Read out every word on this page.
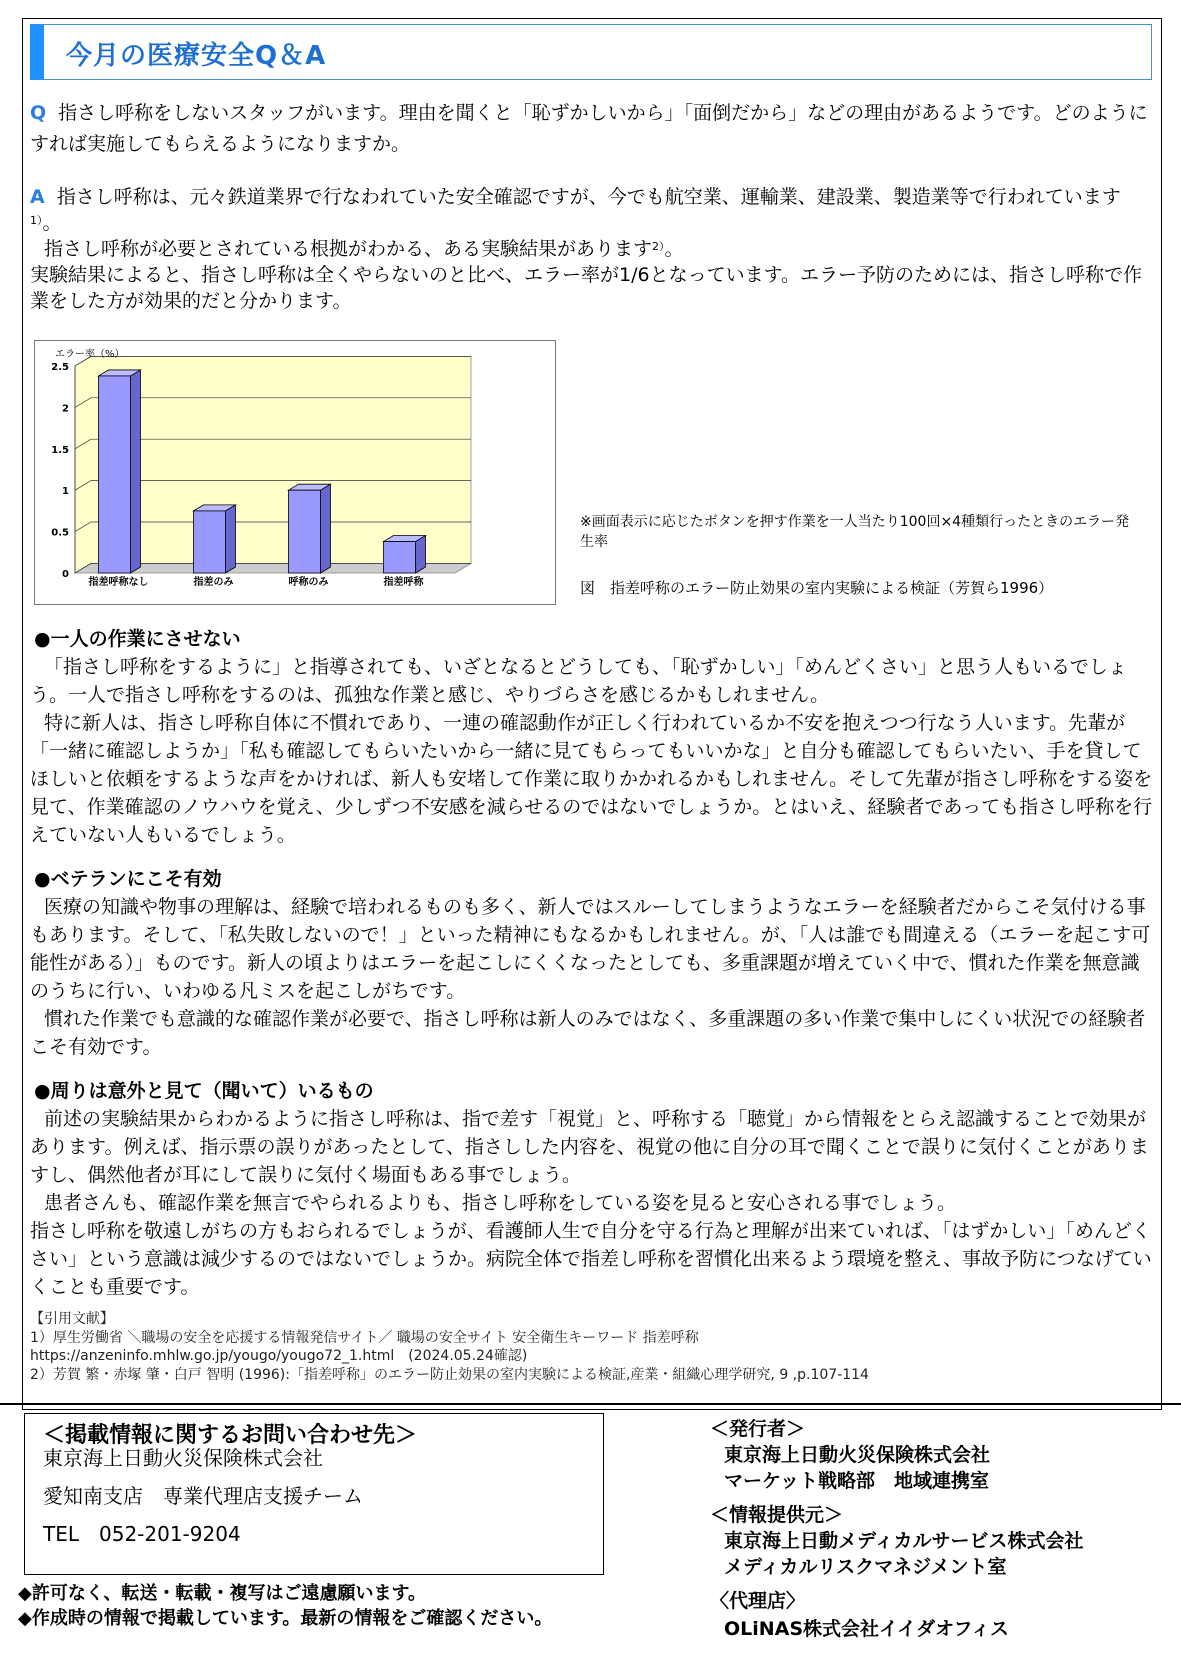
今月の医療安全Q＆A
Q 指さし呼称をしないスタッフがいます。理由を聞くと「恥ずかしいから」「面倒だから」などの理由があるようです。どのようにすれば実施してもらえるようになりますか。
A 指さし呼称は、元々鉄道業界で行なわれていた安全確認ですが、今でも航空業、運輸業、建設業、製造業等で行われています$^{1)}$。
指さし呼称が必要とされている根拠がわかる、ある実験結果があります$^{2)}$。
実験結果によると、指さし呼称は全くやらないのと比べ、エラー率が1/6となっています。エラー予防のためには、指さし呼称で作業をした方が効果的だと分かります。
0
0.5
1
1.5
2
2.5
エラー率（%）
指差呼称なし	指差のみ	呼称のみ	指差呼称
※画面表示に応じたボタンを押す作業を一人当たり100回×4種類行ったときのエラー発生率
図　指差呼称のエラー防止効果の室内実験による検証（芳賀ら1996）
●一人の作業にさせない
「指さし呼称をするように」と指導されても、いざとなるとどうしても、「恥ずかしい」「めんどくさい」と思う人もいるでしょう。一人で指さし呼称をするのは、孤独な作業と感じ、やりづらさを感じるかもしれません。
特に新人は、指さし呼称自体に不慣れであり、一連の確認動作が正しく行われているか不安を抱えつつ行なう人います。先輩が「一緒に確認しようか」「私も確認してもらいたいから一緒に見てもらってもいいかな」と自分も確認してもらいたい、手を貸してほしいと依頼をするような声をかければ、新人も安堵して作業に取りかかれるかもしれません。そして先輩が指さし呼称をする姿を見て、作業確認のノウハウを覚え、少しずつ不安感を減らせるのではないでしょうか。とはいえ、経験者であっても指さし呼称を行えていない人もいるでしょう。
●ベテランにこそ有効
医療の知識や物事の理解は、経験で培われるものも多く、新人ではスルーしてしまうようなエラーを経験者だからこそ気付ける事もあります。そして、「私失敗しないので！」といった精神にもなるかもしれません。が、「人は誰でも間違える（エラーを起こす可能性がある）」ものです。新人の頃よりはエラーを起こしにくくなったとしても、多重課題が増えていく中で、慣れた作業を無意識のうちに行い、いわゆる凡ミスを起こしがちです。
慣れた作業でも意識的な確認作業が必要で、指さし呼称は新人のみではなく、多重課題の多い作業で集中しにくい状況での経験者こそ有効です。
●周りは意外と見て（聞いて）いるもの
前述の実験結果からわかるように指さし呼称は、指で差す「視覚」と、呼称する「聴覚」から情報をとらえ認識することで効果があります。例えば、指示票の誤りがあったとして、指さしした内容を、視覚の他に自分の耳で聞くことで誤りに気付くことがありますし、偶然他者が耳にして誤りに気付く場面もある事でしょう。
患者さんも、確認作業を無言でやられるよりも、指さし呼称をしている姿を見ると安心される事でしょう。
指さし呼称を敬遠しがちの方もおられるでしょうが、看護師人生で自分を守る行為と理解が出来ていれば、「はずかしい」「めんどくさい」という意識は減少するのではないでしょうか。病院全体で指差し呼称を習慣化出来るよう環境を整え、事故予防につなげていくことも重要です。
【引用文献】
1）厚生労働省 ＼職場の安全を応援する情報発信サイト／ 職場の安全サイト 安全衛生キーワード 指差呼称
https://anzeninfo.mhlw.go.jp/yougo/yougo72_1.html　(2024.05.24確認)
2）芳賀 繁・赤塚 肇・白戸 智明 (1996):「指差呼称」のエラー防止効果の室内実験による検証,産業・組織心理学研究, 9 ,p.107-114
＜掲載情報に関するお問い合わせ先＞
東京海上日動火災保険株式会社
愛知南支店　専業代理店支援チーム
TEL　052-201-9204
◆許可なく、転送・転載・複写はご遠慮願います。
◆作成時の情報で掲載しています。最新の情報をご確認ください。
＜発行者＞
東京海上日動火災保険株式会社
マーケット戦略部　地域連携室
＜情報提供元＞
東京海上日動メディカルサービス株式会社
メディカルリスクマネジメント室
〈代理店〉
OLiNAS株式会社イイダオフィス
